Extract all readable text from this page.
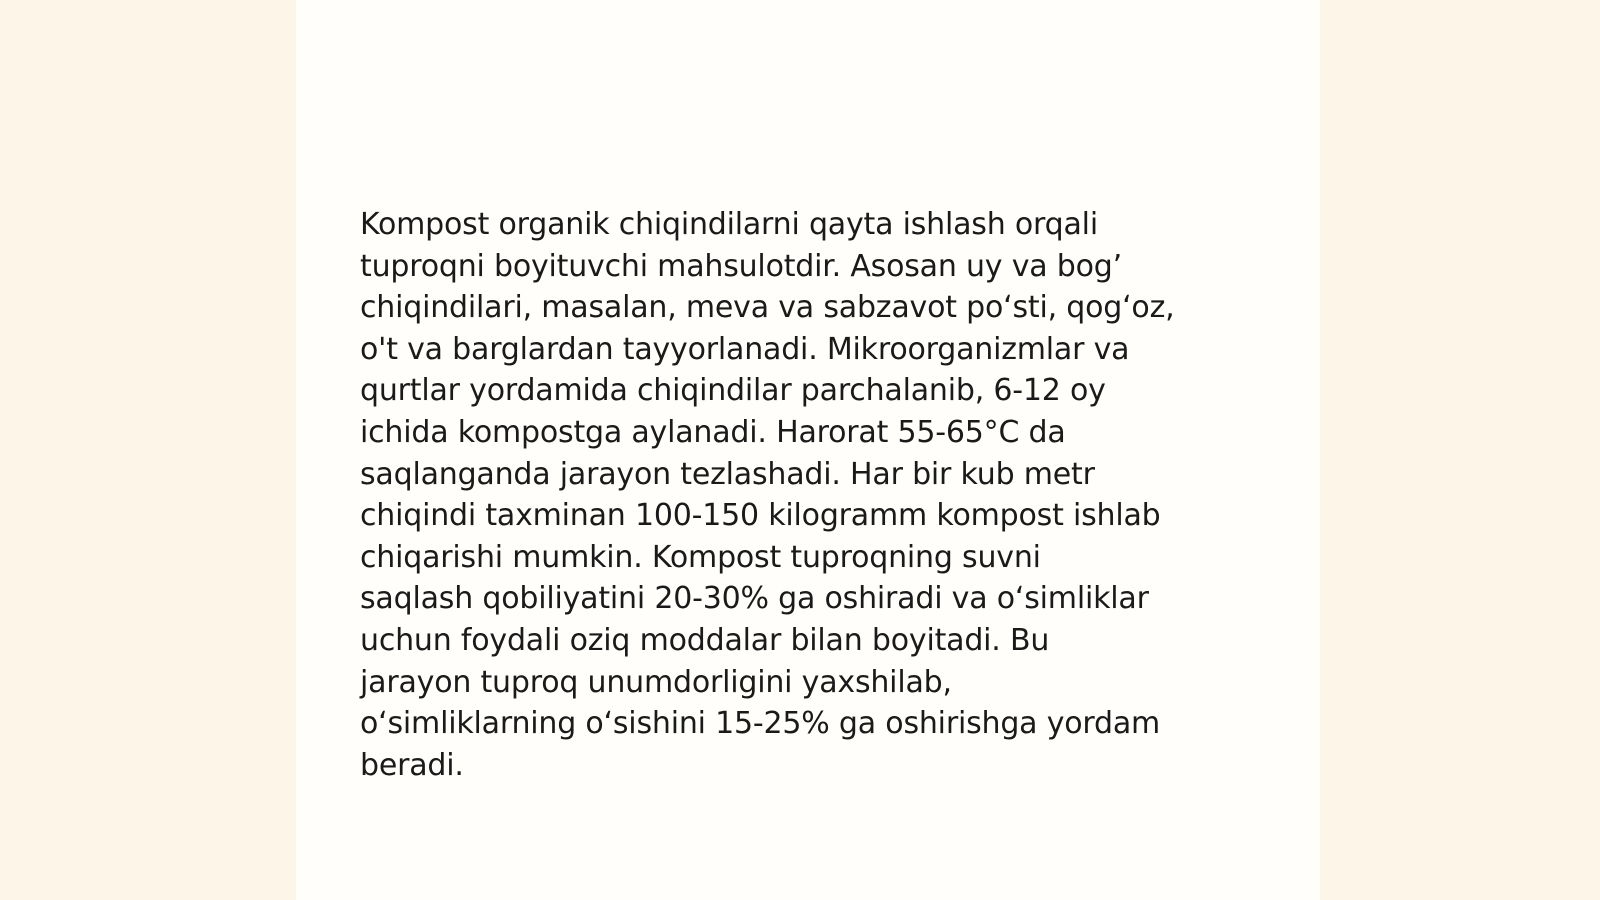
Kompost organik chiqindilarni qayta ishlash orqali
tuproqni boyituvchi mahsulotdir. Asosan uy va bog’
chiqindilari, masalan, meva va sabzavot po‘sti, qog‘oz,
o't va barglardan tayyorlanadi. Mikroorganizmlar va
qurtlar yordamida chiqindilar parchalanib, 6-12 oy
ichida kompostga aylanadi. Harorat 55-65°C da
saqlanganda jarayon tezlashadi. Har bir kub metr
chiqindi taxminan 100-150 kilogramm kompost ishlab
chiqarishi mumkin. Kompost tuproqning suvni
saqlash qobiliyatini 20-30% ga oshiradi va o‘simliklar
uchun foydali oziq moddalar bilan boyitadi. Bu
jarayon tuproq unumdorligini yaxshilab,
o‘simliklarning o‘sishini 15-25% ga oshirishga yordam
beradi.
